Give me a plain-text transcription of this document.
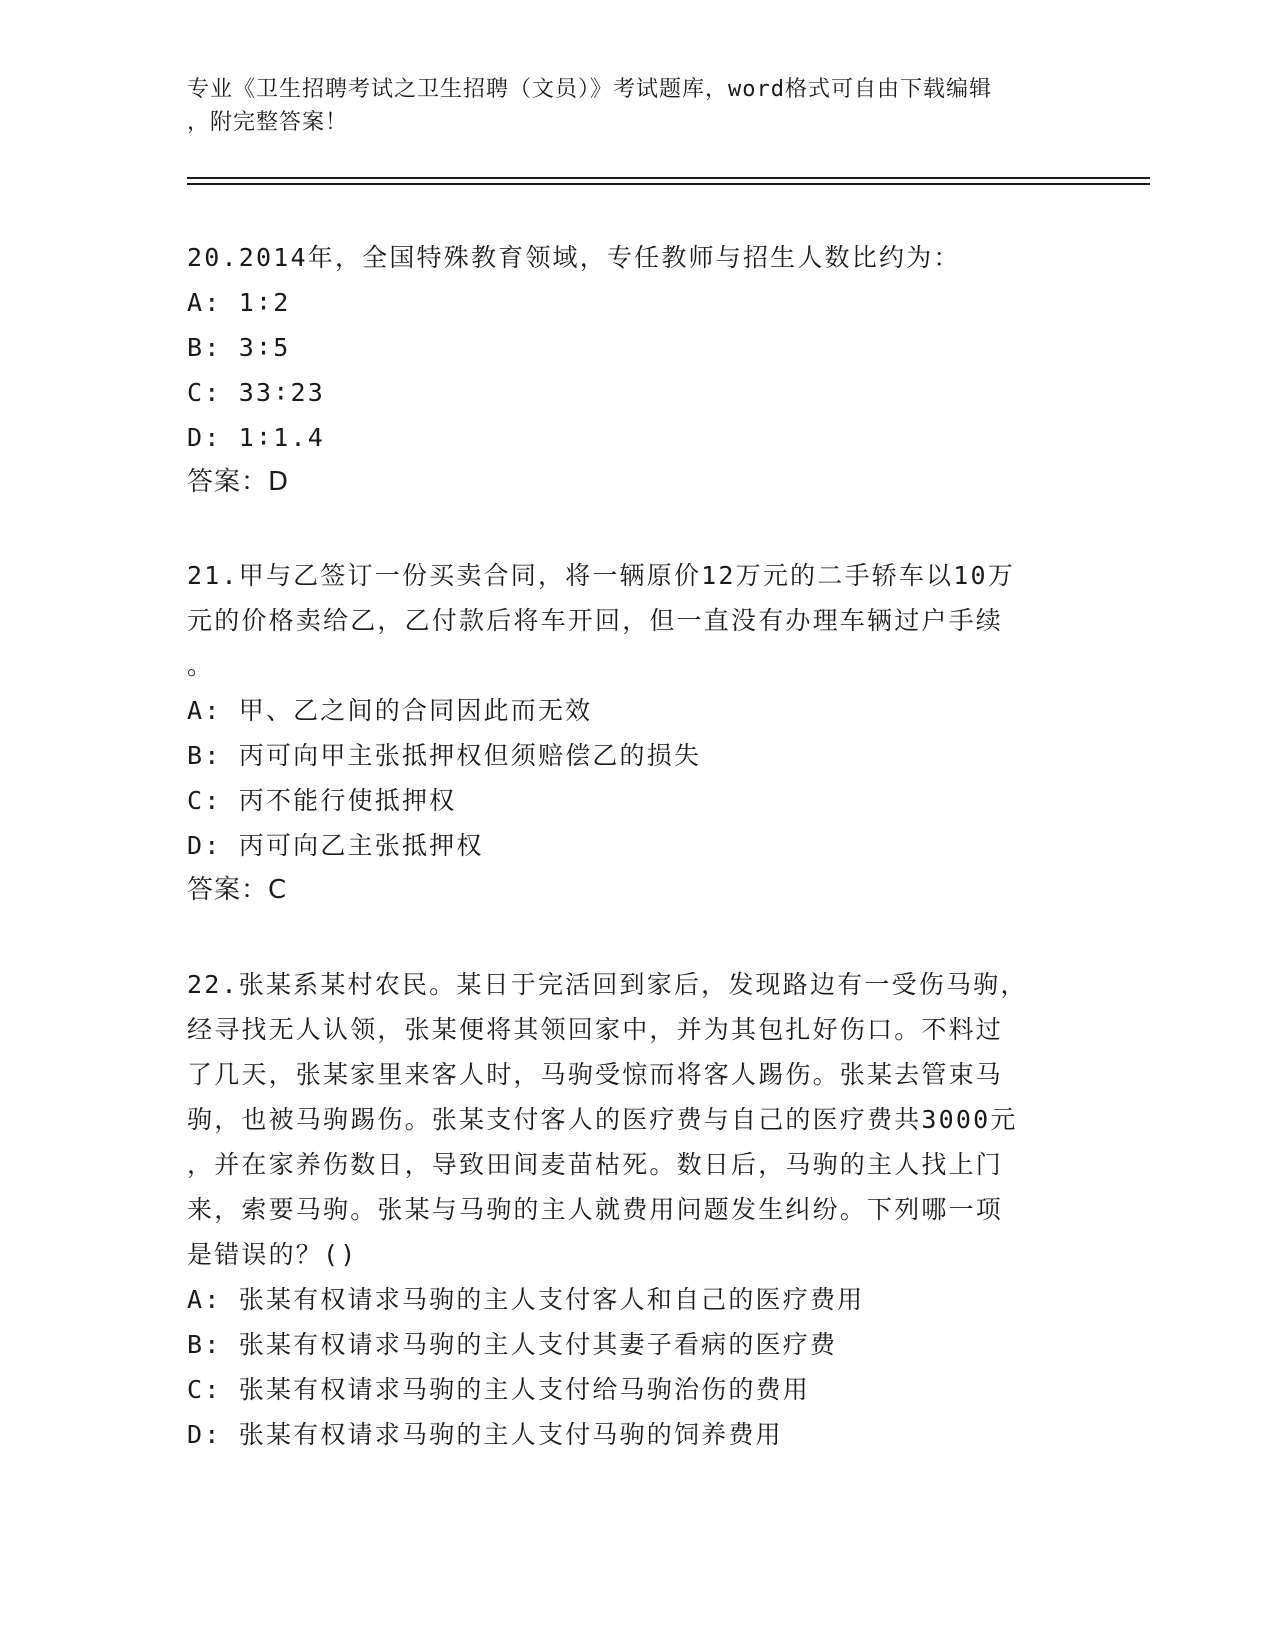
专业《卫生招聘考试之卫生招聘（文员）》考试题库，word格式可自由下载编辑
，附完整答案！
20.2014年，全国特殊教育领域，专任教师与招生人数比约为：
A: 1∶2
B: 3∶5
C: 33∶23
D: 1∶1.4
答案：D
21.甲与乙签订一份买卖合同，将一辆原价12万元的二手轿车以10万
元的价格卖给乙，乙付款后将车开回，但一直没有办理车辆过户手续
。
A: 甲、乙之间的合同因此而无效
B: 丙可向甲主张抵押权但须赔偿乙的损失
C: 丙不能行使抵押权
D: 丙可向乙主张抵押权
答案：C
22.张某系某村农民。某日于完活回到家后，发现路边有一受伤马驹，
经寻找无人认领，张某便将其领回家中，并为其包扎好伤口。不料过
了几天，张某家里来客人时，马驹受惊而将客人踢伤。张某去管束马
驹，也被马驹踢伤。张某支付客人的医疗费与自己的医疗费共3000元
，并在家养伤数日，导致田间麦苗枯死。数日后，马驹的主人找上门
来，索要马驹。张某与马驹的主人就费用问题发生纠纷。下列哪一项
是错误的？()
A: 张某有权请求马驹的主人支付客人和自己的医疗费用
B: 张某有权请求马驹的主人支付其妻子看病的医疗费
C: 张某有权请求马驹的主人支付给马驹治伤的费用
D: 张某有权请求马驹的主人支付马驹的饲养费用
